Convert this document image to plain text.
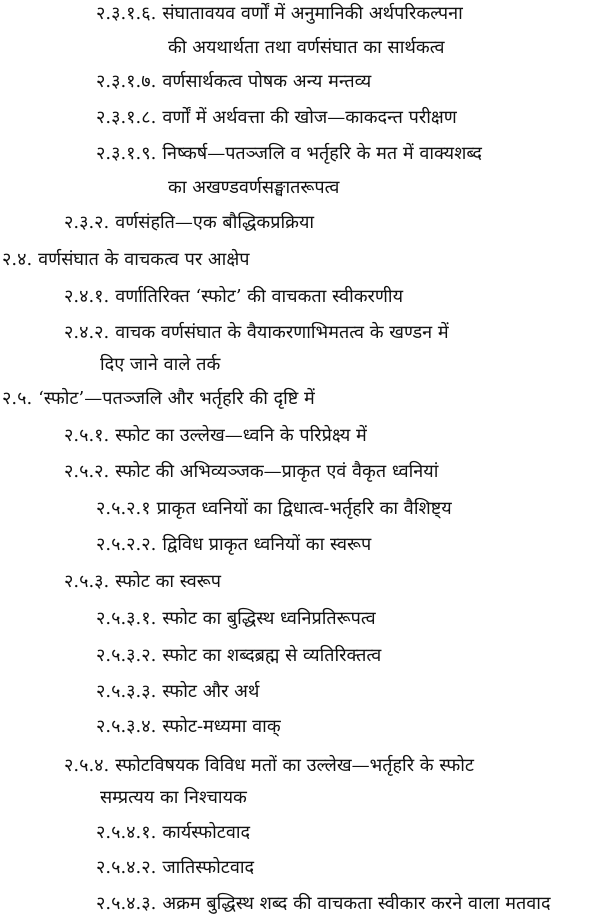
२.३.१.६. संघातावयव वर्णों में अनुमानिकी अर्थपरिकल्पना
की अयथार्थता तथा वर्णसंघात का सार्थकत्व
२.३.१.७. वर्णसार्थकत्व पोषक अन्य मन्तव्य
२.३.१.८. वर्णों में अर्थवत्ता की खोज—काकदन्त परीक्षण
२.३.१.९. निष्कर्ष—पतञ्जलि व भर्तृहरि के मत में वाक्यशब्द
का अखण्डवर्णसङ्घातरूपत्व
२.३.२. वर्णसंहति—एक बौद्धिकप्रक्रिया
२.४. वर्णसंघात के वाचकत्व पर आक्षेप
२.४.१. वर्णातिरिक्त ‘स्फोट’ की वाचकता स्वीकरणीय
२.४.२. वाचक वर्णसंघात के वैयाकरणाभिमतत्व के खण्डन में
दिए जाने वाले तर्क
२.५. ‘स्फोट’—पतञ्जलि और भर्तृहरि की दृष्टि में
२.५.१. स्फोट का उल्लेख—ध्वनि के परिप्रेक्ष्य में
२.५.२. स्फोट की अभिव्यञ्जक—प्राकृत एवं वैकृत ध्वनियां
२.५.२.१ प्राकृत ध्वनियों का द्विधात्व-भर्तृहरि का वैशिष्ट्य
२.५.२.२. द्विविध प्राकृत ध्वनियों का स्वरूप
२.५.३. स्फोट का स्वरूप
२.५.३.१. स्फोट का बुद्धिस्थ ध्वनिप्रतिरूपत्व
२.५.३.२. स्फोट का शब्दब्रह्म से व्यतिरिक्तत्व
२.५.३.३. स्फोट और अर्थ
२.५.३.४. स्फोट-मध्यमा वाक्
२.५.४. स्फोटविषयक विविध मतों का उल्लेख—भर्तृहरि के स्फोट
सम्प्रत्यय का निश्चायक
२.५.४.१. कार्यस्फोटवाद
२.५.४.२. जातिस्फोटवाद
२.५.४.३. अक्रम बुद्धिस्थ शब्द की वाचकता स्वीकार करने वाला मतवाद
